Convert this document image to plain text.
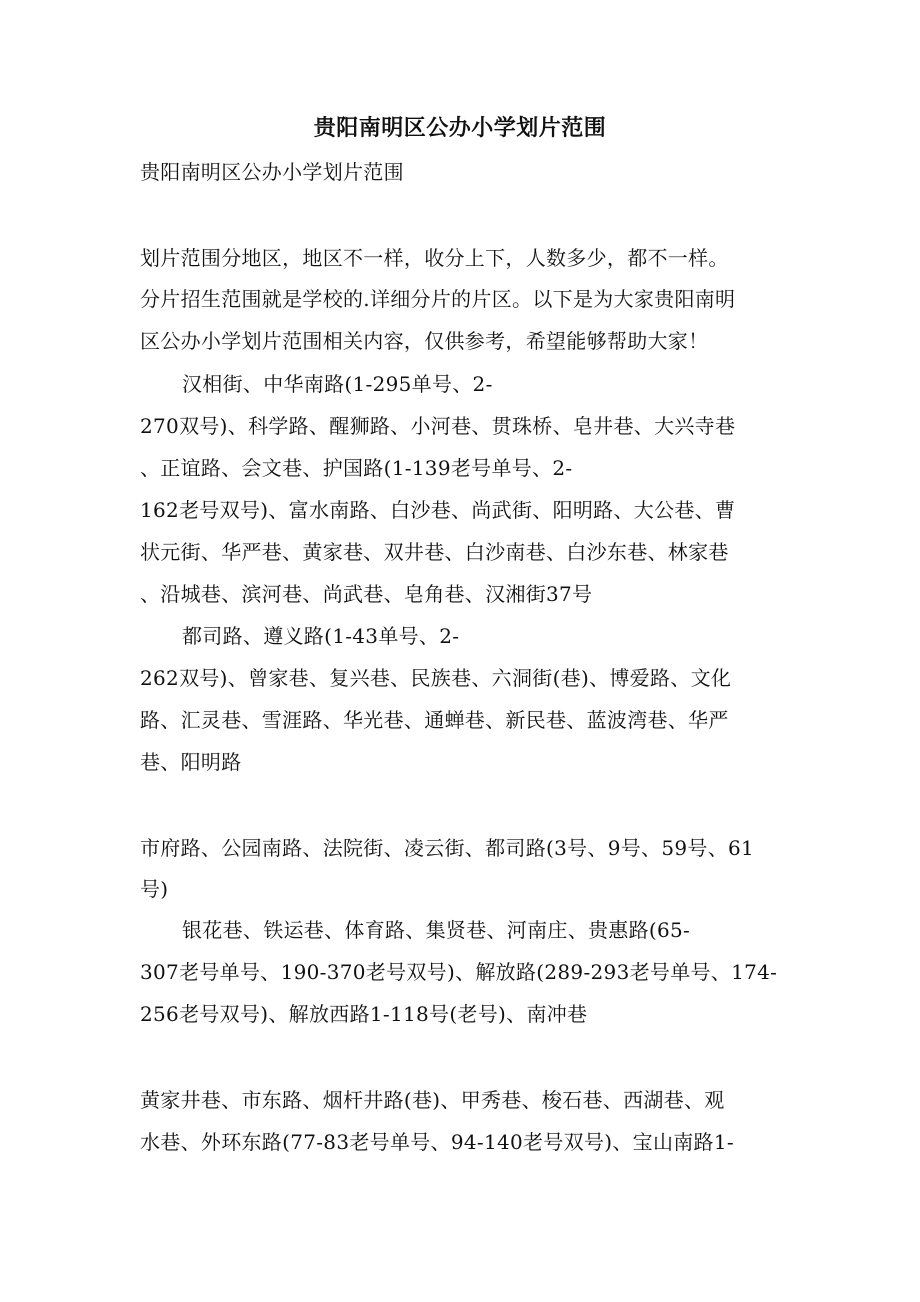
贵阳南明区公办小学划片范围
贵阳南明区公办小学划片范围
划片范围分地区，地区不一样，收分上下，人数多少，都不一样。
分片招生范围就是学校的.详细分片的片区。以下是为大家贵阳南明
区公办小学划片范围相关内容，仅供参考，希望能够帮助大家！
汉相街、中华南路(1-295单号、2-
270双号)、科学路、醒狮路、小河巷、贯珠桥、皂井巷、大兴寺巷
、正谊路、会文巷、护国路(1-139老号单号、2-
162老号双号)、富水南路、白沙巷、尚武街、阳明路、大公巷、曹
状元街、华严巷、黄家巷、双井巷、白沙南巷、白沙东巷、林家巷
、沿城巷、滨河巷、尚武巷、皂角巷、汉湘街37号
都司路、遵义路(1-43单号、2-
262双号)、曾家巷、复兴巷、民族巷、六洞街(巷)、博爱路、文化
路、汇灵巷、雪涯路、华光巷、通蝉巷、新民巷、蓝波湾巷、华严
巷、阳明路
市府路、公园南路、法院街、凌云街、都司路(3号、9号、59号、61
号)
银花巷、铁运巷、体育路、集贤巷、河南庄、贵惠路(65-
307老号单号、190-370老号双号)、解放路(289-293老号单号、174-
256老号双号)、解放西路1-118号(老号)、南冲巷
黄家井巷、市东路、烟杆井路(巷)、甲秀巷、梭石巷、西湖巷、观
水巷、外环东路(77-83老号单号、94-140老号双号)、宝山南路1-
